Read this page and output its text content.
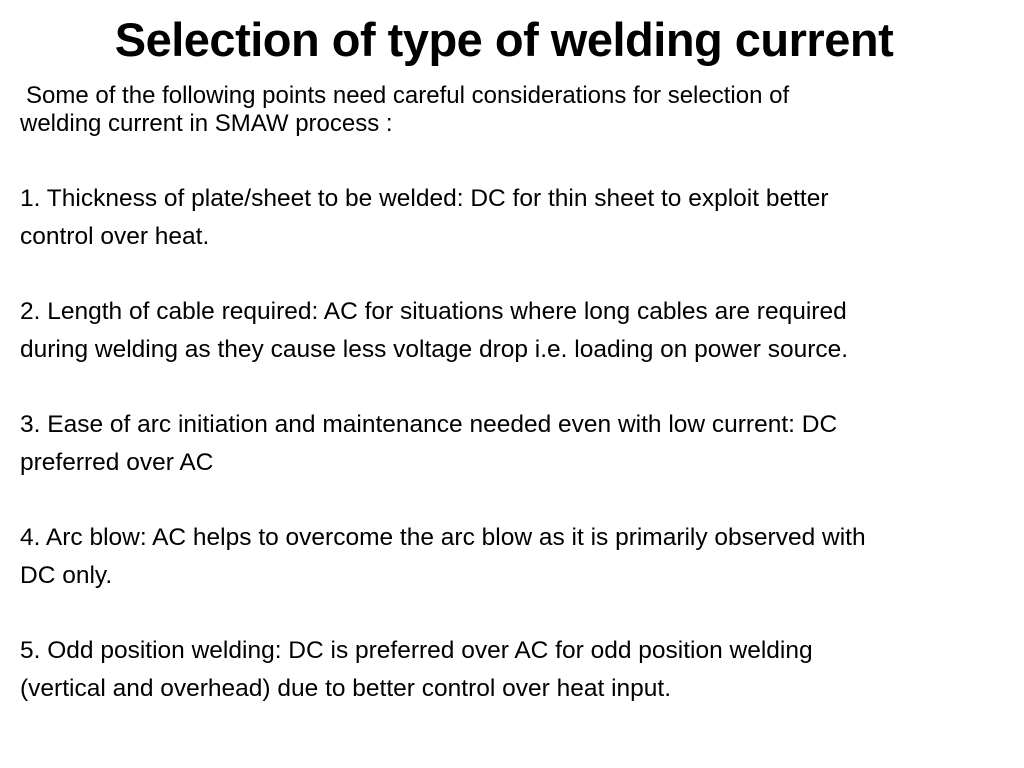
Selection of type of welding current
Some of the following points need careful considerations for selection of
welding current in SMAW process :
1. Thickness of plate/sheet to be welded: DC for thin sheet to exploit better
control over heat.
2. Length of cable required: AC for situations where long cables are required
during welding as they cause less voltage drop i.e. loading on power source.
3. Ease of arc initiation and maintenance needed even with low current: DC
preferred over AC
4. Arc blow: AC helps to overcome the arc blow as it is primarily observed with
DC only.
5. Odd position welding: DC is preferred over AC for odd position welding
(vertical and overhead) due to better control over heat input.
